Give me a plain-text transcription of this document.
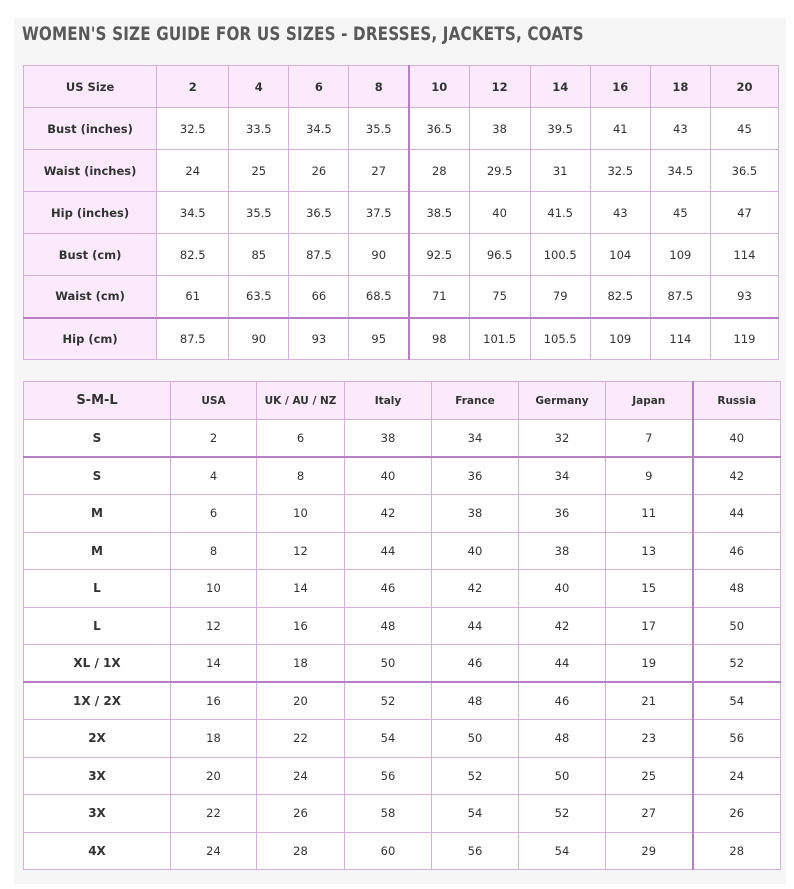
WOMEN'S SIZE GUIDE FOR US SIZES - DRESSES, JACKETS, COATS
US Size	2	4	6	8	10	12	14	16	18	20
Bust (inches)	32.5	33.5	34.5	35.5	36.5	38	39.5	41	43	45
Waist (inches)	24	25	26	27	28	29.5	31	32.5	34.5	36.5
Hip (inches)	34.5	35.5	36.5	37.5	38.5	40	41.5	43	45	47
Bust (cm)	82.5	85	87.5	90	92.5	96.5	100.5	104	109	114
Waist (cm)	61	63.5	66	68.5	71	75	79	82.5	87.5	93
Hip (cm)	87.5	90	93	95	98	101.5	105.5	109	114	119
S-M-L	USA	UK / AU / NZ	Italy	France	Germany	Japan	Russia
S	2	6	38	34	32	7	40
S	4	8	40	36	34	9	42
M	6	10	42	38	36	11	44
M	8	12	44	40	38	13	46
L	10	14	46	42	40	15	48
L	12	16	48	44	42	17	50
XL / 1X	14	18	50	46	44	19	52
1X / 2X	16	20	52	48	46	21	54
2X	18	22	54	50	48	23	56
3X	20	24	56	52	50	25	24
3X	22	26	58	54	52	27	26
4X	24	28	60	56	54	29	28
